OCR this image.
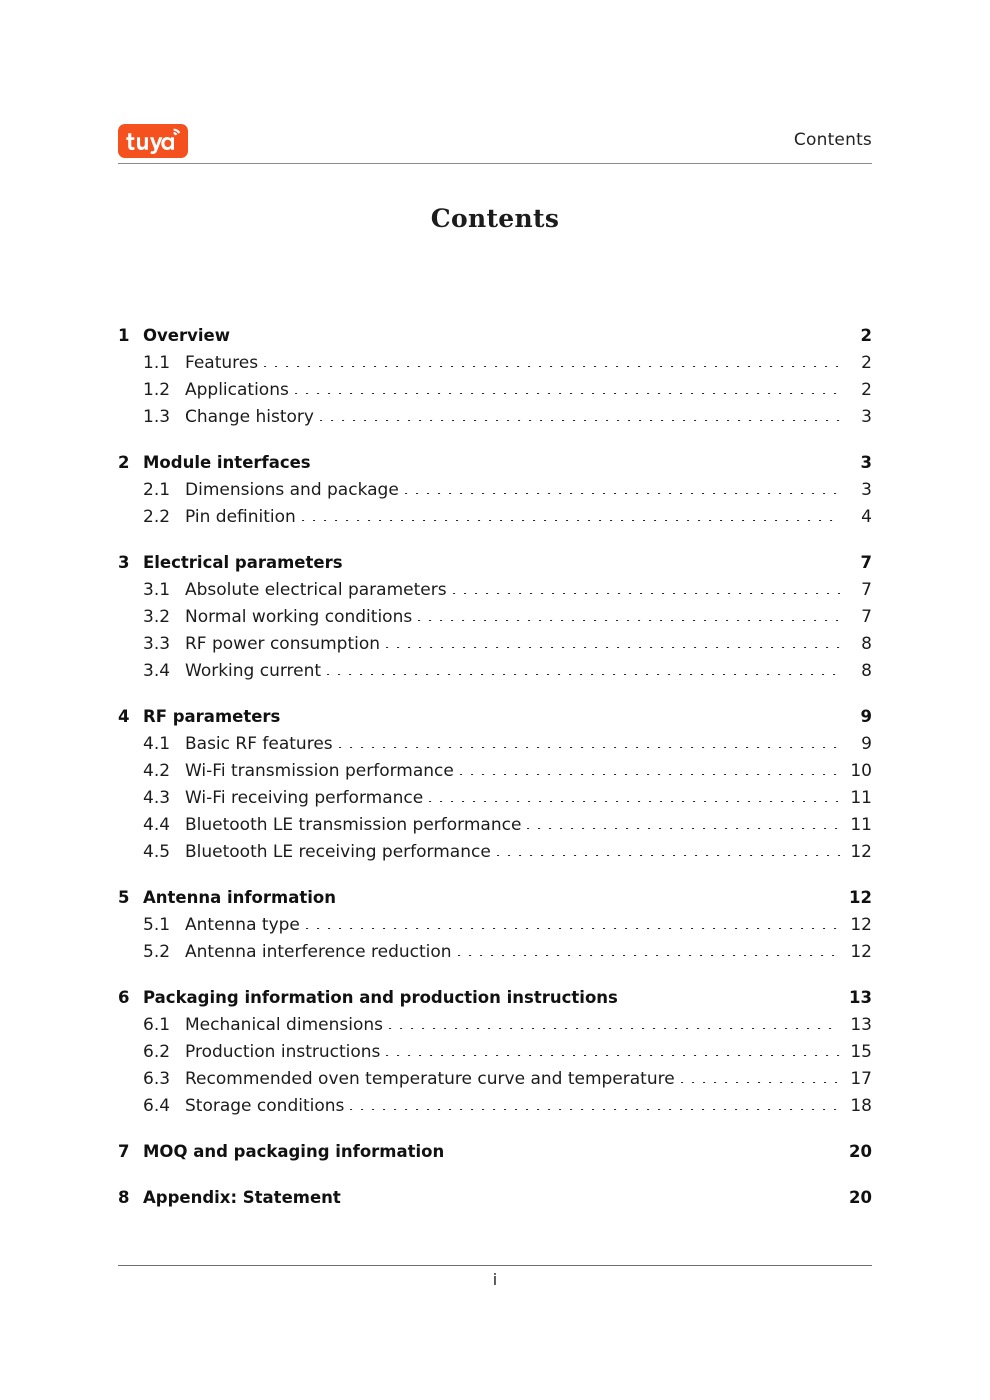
Contents
Contents
1 Overview	2
1.1 Features	2
1.2 Applications	2
1.3 Change history	3
2 Module interfaces	3
2.1 Dimensions and package	3
2.2 Pin definition	4
3 Electrical parameters	7
3.1 Absolute electrical parameters	7
3.2 Normal working conditions	7
3.3 RF power consumption	8
3.4 Working current	8
4 RF parameters	9
4.1 Basic RF features	9
4.2 Wi-Fi transmission performance	10
4.3 Wi-Fi receiving performance	11
4.4 Bluetooth LE transmission performance	11
4.5 Bluetooth LE receiving performance	12
5 Antenna information	12
5.1 Antenna type	12
5.2 Antenna interference reduction	12
6 Packaging information and production instructions	13
6.1 Mechanical dimensions	13
6.2 Production instructions	15
6.3 Recommended oven temperature curve and temperature	17
6.4 Storage conditions	18
7 MOQ and packaging information	20
8 Appendix: Statement	20
i
